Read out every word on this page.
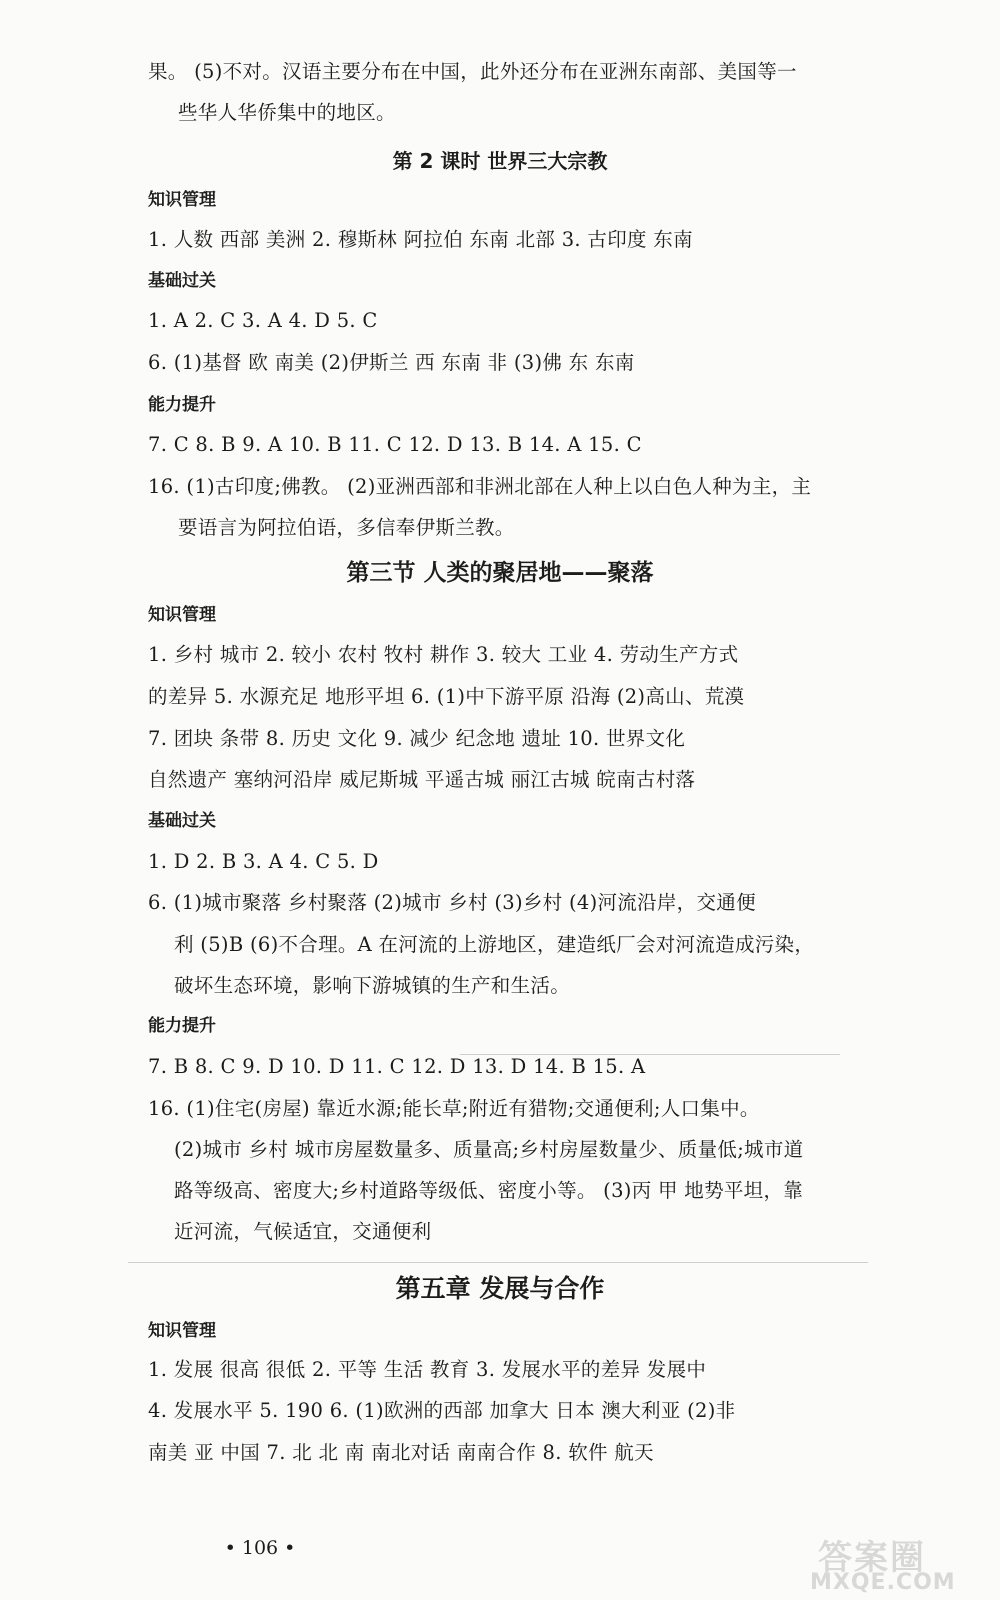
果。 (5)不对。汉语主要分布在中国，此外还分布在亚洲东南部、美国等一
些华人华侨集中的地区。
第 2 课时 世界三大宗教
知识管理
1. 人数 西部 美洲 2. 穆斯林 阿拉伯 东南 北部 3. 古印度 东南
基础过关
1. A 2. C 3. A 4. D 5. C
6. (1)基督 欧 南美 (2)伊斯兰 西 东南 非 (3)佛 东 东南
能力提升
7. C 8. B 9. A 10. B 11. C 12. D 13. B 14. A 15. C
16. (1)古印度;佛教。 (2)亚洲西部和非洲北部在人种上以白色人种为主，主
要语言为阿拉伯语，多信奉伊斯兰教。
第三节 人类的聚居地——聚落
知识管理
1. 乡村 城市 2. 较小 农村 牧村 耕作 3. 较大 工业 4. 劳动生产方式
的差异 5. 水源充足 地形平坦 6. (1)中下游平原 沿海 (2)高山、荒漠
7. 团块 条带 8. 历史 文化 9. 减少 纪念地 遗址 10. 世界文化
自然遗产 塞纳河沿岸 威尼斯城 平遥古城 丽江古城 皖南古村落
基础过关
1. D 2. B 3. A 4. C 5. D
6. (1)城市聚落 乡村聚落 (2)城市 乡村 (3)乡村 (4)河流沿岸，交通便
利 (5)B (6)不合理。A 在河流的上游地区，建造纸厂会对河流造成污染，
破坏生态环境，影响下游城镇的生产和生活。
能力提升
7. B 8. C 9. D 10. D 11. C 12. D 13. D 14. B 15. A
16. (1)住宅(房屋) 靠近水源;能长草;附近有猎物;交通便利;人口集中。
(2)城市 乡村 城市房屋数量多、质量高;乡村房屋数量少、质量低;城市道
路等级高、密度大;乡村道路等级低、密度小等。 (3)丙 甲 地势平坦，靠
近河流，气候适宜，交通便利
第五章 发展与合作
知识管理
1. 发展 很高 很低 2. 平等 生活 教育 3. 发展水平的差异 发展中
4. 发展水平 5. 190 6. (1)欧洲的西部 加拿大 日本 澳大利亚 (2)非
南美 亚 中国 7. 北 北 南 南北对话 南南合作 8. 软件 航天
• 106 •	答案圈
MXQE.COM
